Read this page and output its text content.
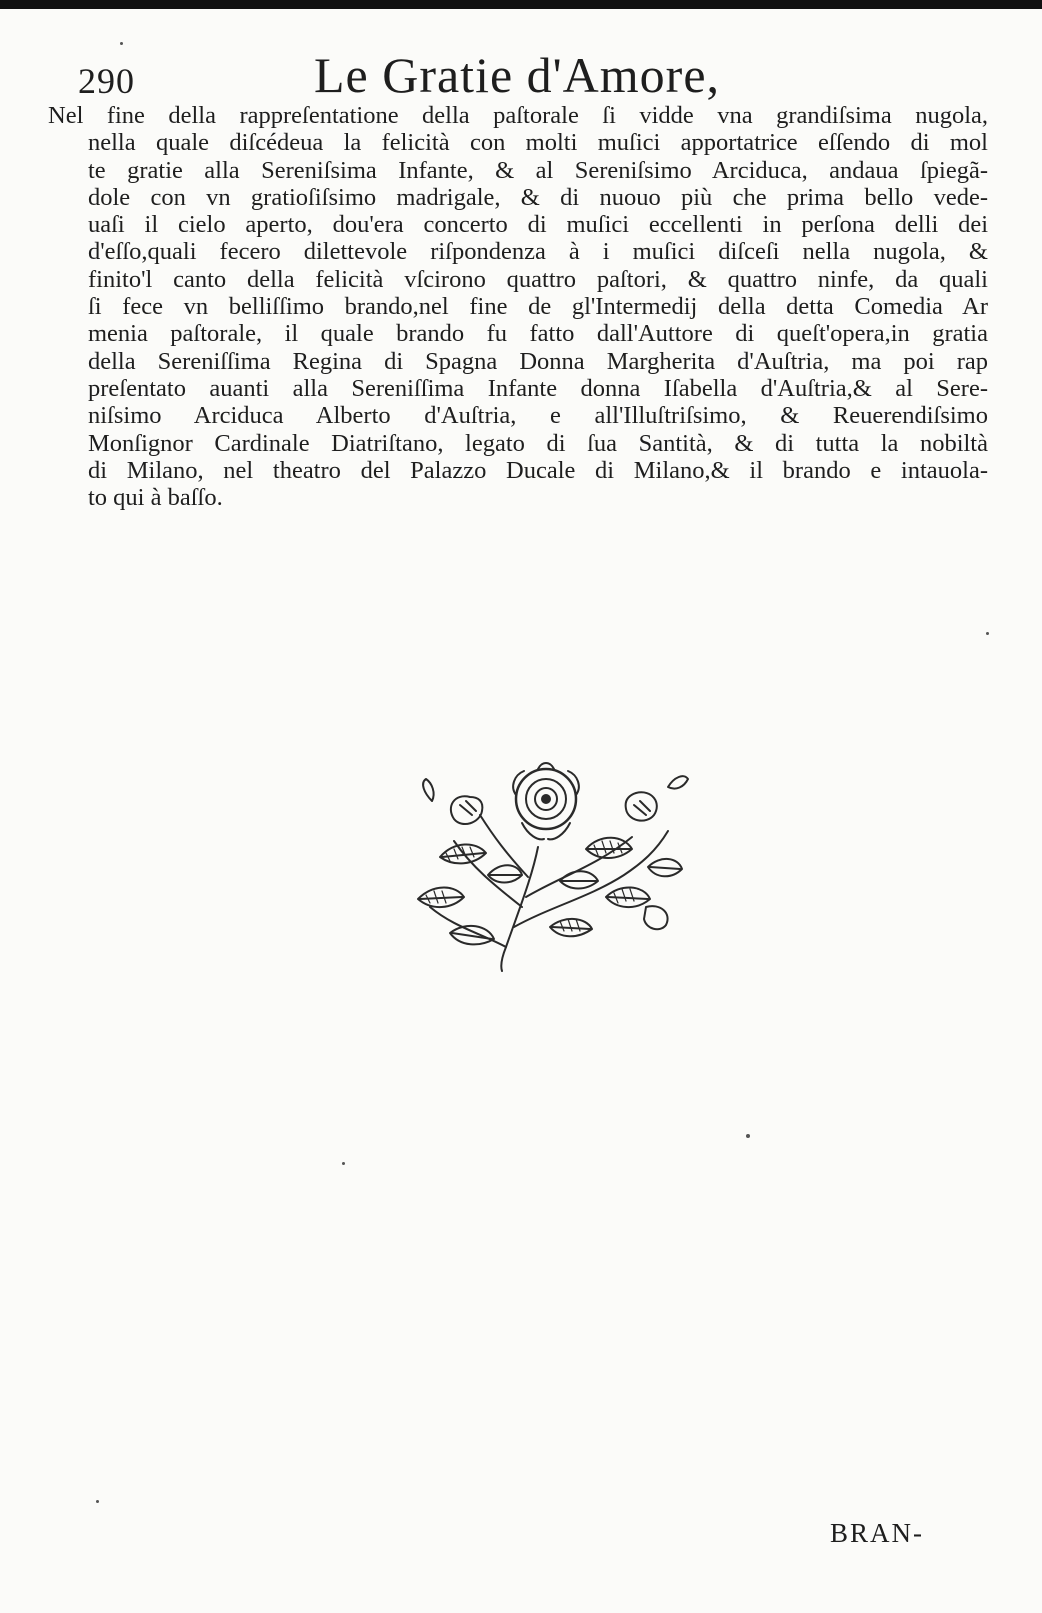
290	Le Gratie d'Amore,
Nel fine della rappreſentatione della paſtorale ſi vidde vna grandiſsima nugola,
nella quale diſcédeua la felicità con molti muſici apportatrice eſſendo di mol
te gratie alla Sereniſsima Infante, & al Sereniſsimo Arciduca, andaua ſpiegã-
dole con vn gratioſiſsimo madrigale, & di nuouo più che prima bello vede-
uaſi il cielo aperto, dou'era concerto di muſici eccellenti in perſona delli dei
d'eſſo,quali fecero dilettevole riſpondenza à i muſici diſceſi nella nugola, &
finito'l canto della felicità vſcirono quattro paſtori, & quattro ninfe, da quali
ſi fece vn belliſſimo brando,nel fine de gl'Intermedij della detta Comedia Ar
menia paſtorale, il quale brando fu fatto dall'Auttore di queſt'opera,in gratia
della Sereniſſima Regina di Spagna Donna Margherita d'Auſtria, ma poi rap
preſentato auanti alla Sereniſſima Infante donna Iſabella d'Auſtria,& al Sere-
niſsimo Arciduca Alberto d'Auſtria, e all'Illuſtriſsimo, & Reuerendiſsimo
Monſignor Cardinale Diatriſtano, legato di ſua Santità, & di tutta la nobiltà
di Milano, nel theatro del Palazzo Ducale di Milano,& il brando e intauola-
to qui à baſſo.
BRAN-
